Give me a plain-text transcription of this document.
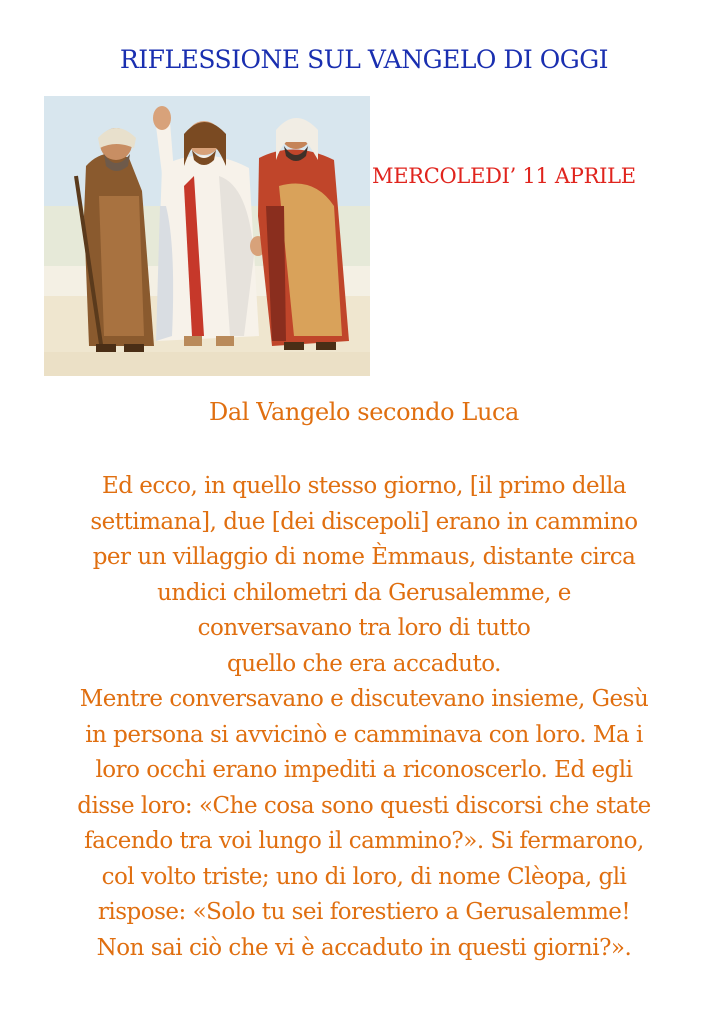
RIFLESSIONE SUL VANGELO DI OGGI
MERCOLEDI’ 11 APRILE
Dal Vangelo secondo Luca
Ed ecco, in quello stesso giorno, [il primo della
settimana], due [dei discepoli] erano in cammino
per un villaggio di nome Èmmaus, distante circa
undici chilometri da Gerusalemme, e
conversavano tra loro di tutto
quello che era accaduto.
Mentre conversavano e discutevano insieme, Gesù
in persona si avvicinò e camminava con loro. Ma i
loro occhi erano impediti a riconoscerlo. Ed egli
disse loro: «Che cosa sono questi discorsi che state
facendo tra voi lungo il cammino?». Si fermarono,
col volto triste; uno di loro, di nome Clèopa, gli
rispose: «Solo tu sei forestiero a Gerusalemme!
Non sai ciò che vi è accaduto in questi giorni?».
